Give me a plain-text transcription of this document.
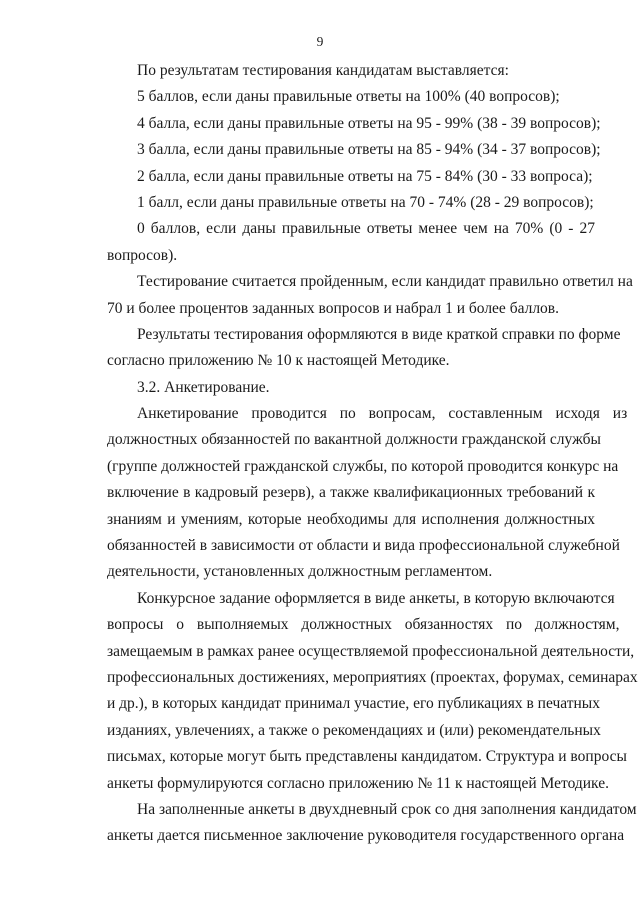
9
По результатам тестирования кандидатам выставляется:
5 баллов, если даны правильные ответы на 100% (40 вопросов);
4 балла, если даны правильные ответы на 95 - 99% (38 - 39 вопросов);
3 балла, если даны правильные ответы на 85 - 94% (34 - 37 вопросов);
2 балла, если даны правильные ответы на 75 - 84% (30 - 33 вопроса);
1 балл, если даны правильные ответы на 70 - 74% (28 - 29 вопросов);
0 баллов, если даны правильные ответы менее чем на 70% (0 - 27
вопросов).
Тестирование считается пройденным, если кандидат правильно ответил на
70 и более процентов заданных вопросов и набрал 1 и более баллов.
Результаты тестирования оформляются в виде краткой справки по форме
согласно приложению № 10 к настоящей Методике.
3.2. Анкетирование.
Анкетирование проводится по вопросам, составленным исходя из
должностных обязанностей по вакантной должности гражданской службы
(группе должностей гражданской службы, по которой проводится конкурс на
включение в кадровый резерв), а также квалификационных требований к
знаниям и умениям, которые необходимы для исполнения должностных
обязанностей в зависимости от области и вида профессиональной служебной
деятельности, установленных должностным регламентом.
Конкурсное задание оформляется в виде анкеты, в которую включаются
вопросы о выполняемых должностных обязанностях по должностям,
замещаемым в рамках ранее осуществляемой профессиональной деятельности,
профессиональных достижениях, мероприятиях (проектах, форумах, семинарах
и др.), в которых кандидат принимал участие, его публикациях в печатных
изданиях, увлечениях, а также о рекомендациях и (или) рекомендательных
письмах, которые могут быть представлены кандидатом. Структура и вопросы
анкеты формулируются согласно приложению № 11 к настоящей Методике.
На заполненные анкеты в двухдневный срок со дня заполнения кандидатом
анкеты дается письменное заключение руководителя государственного органа
